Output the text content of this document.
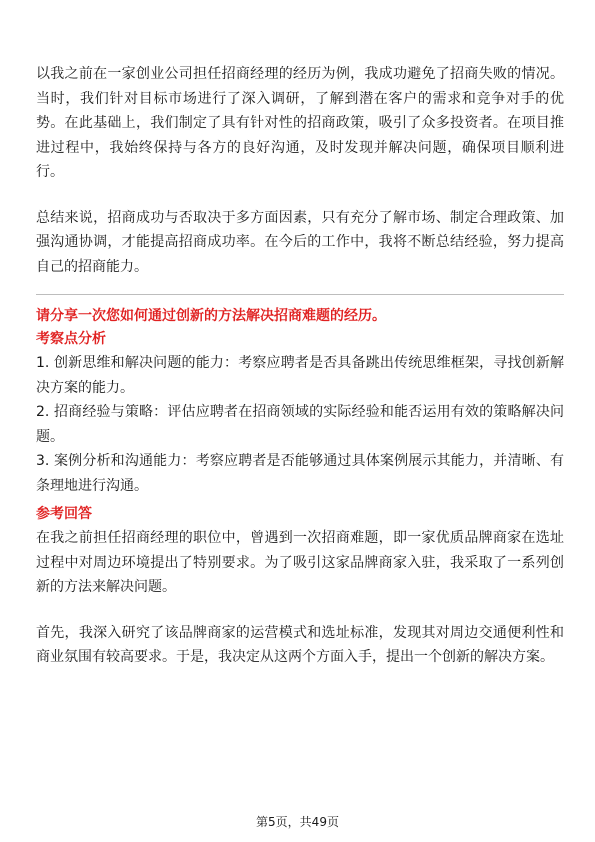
以我之前在一家创业公司担任招商经理的经历为例，我成功避免了招商失败的情况。当时，我们针对目标市场进行了深入调研，了解到潜在客户的需求和竞争对手的优势。在此基础上，我们制定了具有针对性的招商政策，吸引了众多投资者。在项目推进过程中，我始终保持与各方的良好沟通，及时发现并解决问题，确保项目顺利进行。

总结来说，招商成功与否取决于多方面因素，只有充分了解市场、制定合理政策、加强沟通协调，才能提高招商成功率。在今后的工作中，我将不断总结经验，努力提高自己的招商能力。

请分享一次您如何通过创新的方法解决招商难题的经历。

考察点分析

1. 创新思维和解决问题的能力：考察应聘者是否具备跳出传统思维框架，寻找创新解决方案的能力。

2. 招商经验与策略：评估应聘者在招商领域的实际经验和能否运用有效的策略解决问题。

3. 案例分析和沟通能力：考察应聘者是否能够通过具体案例展示其能力，并清晰、有条理地进行沟通。

参考回答

在我之前担任招商经理的职位中，曾遇到一次招商难题，即一家优质品牌商家在选址过程中对周边环境提出了特别要求。为了吸引这家品牌商家入驻，我采取了一系列创新的方法来解决问题。

首先，我深入研究了该品牌商家的运营模式和选址标准，发现其对周边交通便利性和商业氛围有较高要求。于是，我决定从这两个方面入手，提出一个创新的解决方案。

第5页，共49页
